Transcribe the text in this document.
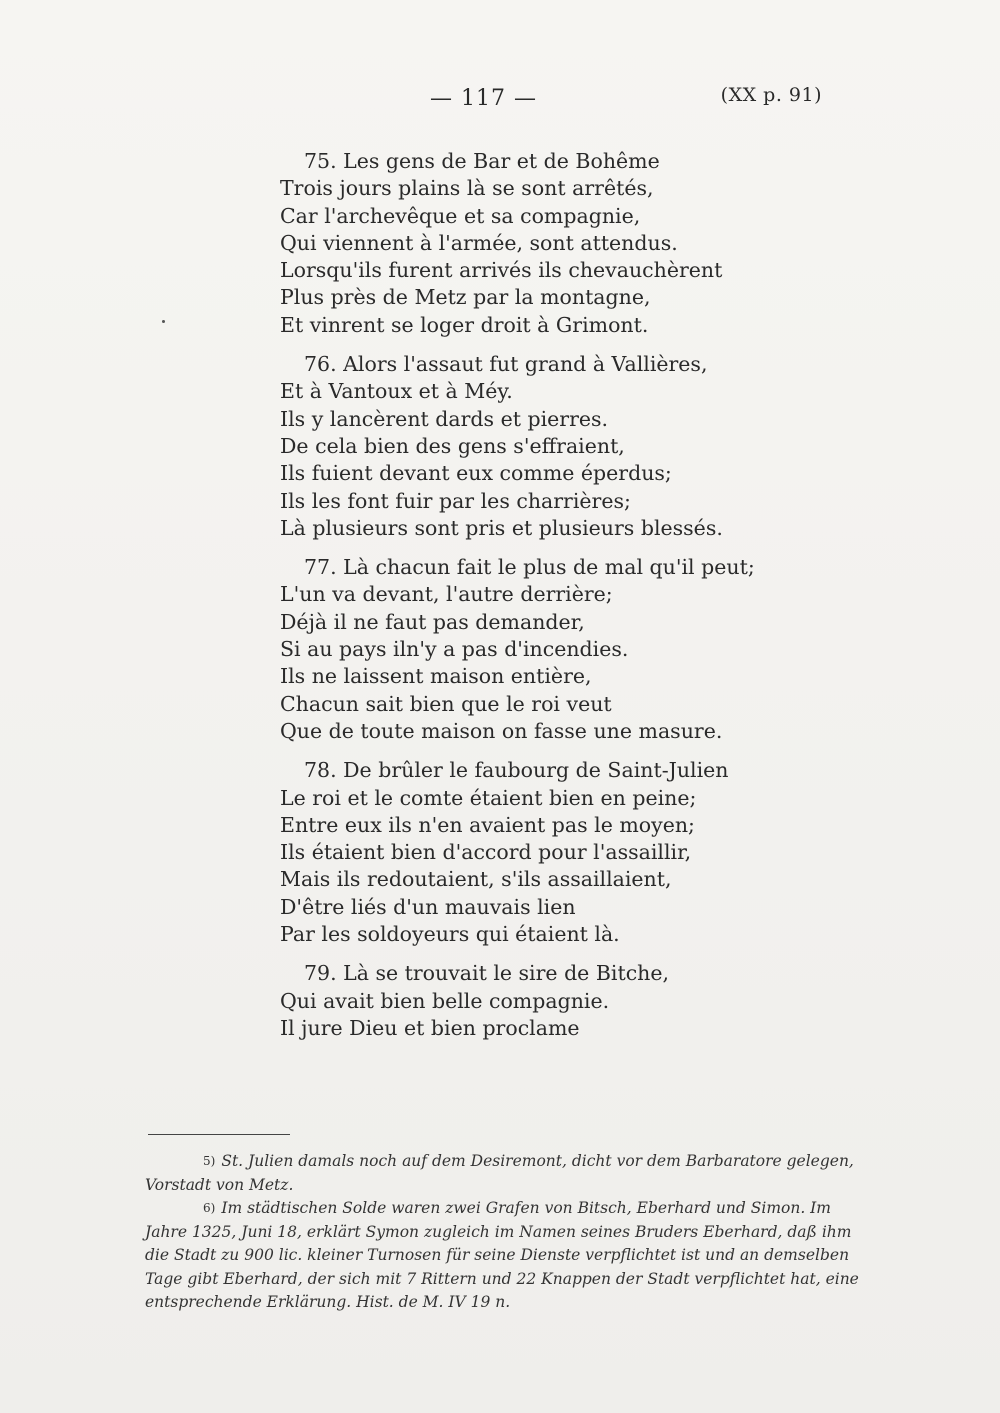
— 117 —	(XX p. 91)
75. Les gens de Bar et de Bohême
Trois jours plains là se sont arrêtés,
Car l'archevêque et sa compagnie,
Qui viennent à l'armée, sont attendus.
Lorsqu'ils furent arrivés ils chevauchèrent
Plus près de Metz par la montagne,
Et vinrent se loger droit à Grimont.
76. Alors l'assaut fut grand à Vallières,
Et à Vantoux et à Méy.
Ils y lancèrent dards et pierres.
De cela bien des gens s'effraient,
Ils fuient devant eux comme éperdus;
Ils les font fuir par les charrières;
Là plusieurs sont pris et plusieurs blessés.
77. Là chacun fait le plus de mal qu'il peut;
L'un va devant, l'autre derrière;
Déjà il ne faut pas demander,
Si au pays iln'y a pas d'incendies.
Ils ne laissent maison entière,
Chacun sait bien que le roi veut
Que de toute maison on fasse une masure.
78. De brûler le faubourg de Saint-Julien
Le roi et le comte étaient bien en peine;
Entre eux ils n'en avaient pas le moyen;
Ils étaient bien d'accord pour l'assaillir,
Mais ils redoutaient, s'ils assaillaient,
D'être liés d'un mauvais lien
Par les soldoyeurs qui étaient là.
79. Là se trouvait le sire de Bitche,
Qui avait bien belle compagnie.
Il jure Dieu et bien proclame

5) St. Julien damals noch auf dem Desiremont, dicht vor dem Barbaratore gelegen, Vorstadt von Metz.

6) Im städtischen Solde waren zwei Grafen von Bitsch, Eberhard und Simon. Im Jahre 1325, Juni 18, erklärt Symon zugleich im Namen seines Bruders Eberhard, daß ihm die Stadt zu 900 lic. kleiner Turnosen für seine Dienste verpflichtet ist und an demselben Tage gibt Eberhard, der sich mit 7 Rittern und 22 Knappen der Stadt verpflichtet hat, eine entsprechende Erklärung. Hist. de M. IV 19 n.
